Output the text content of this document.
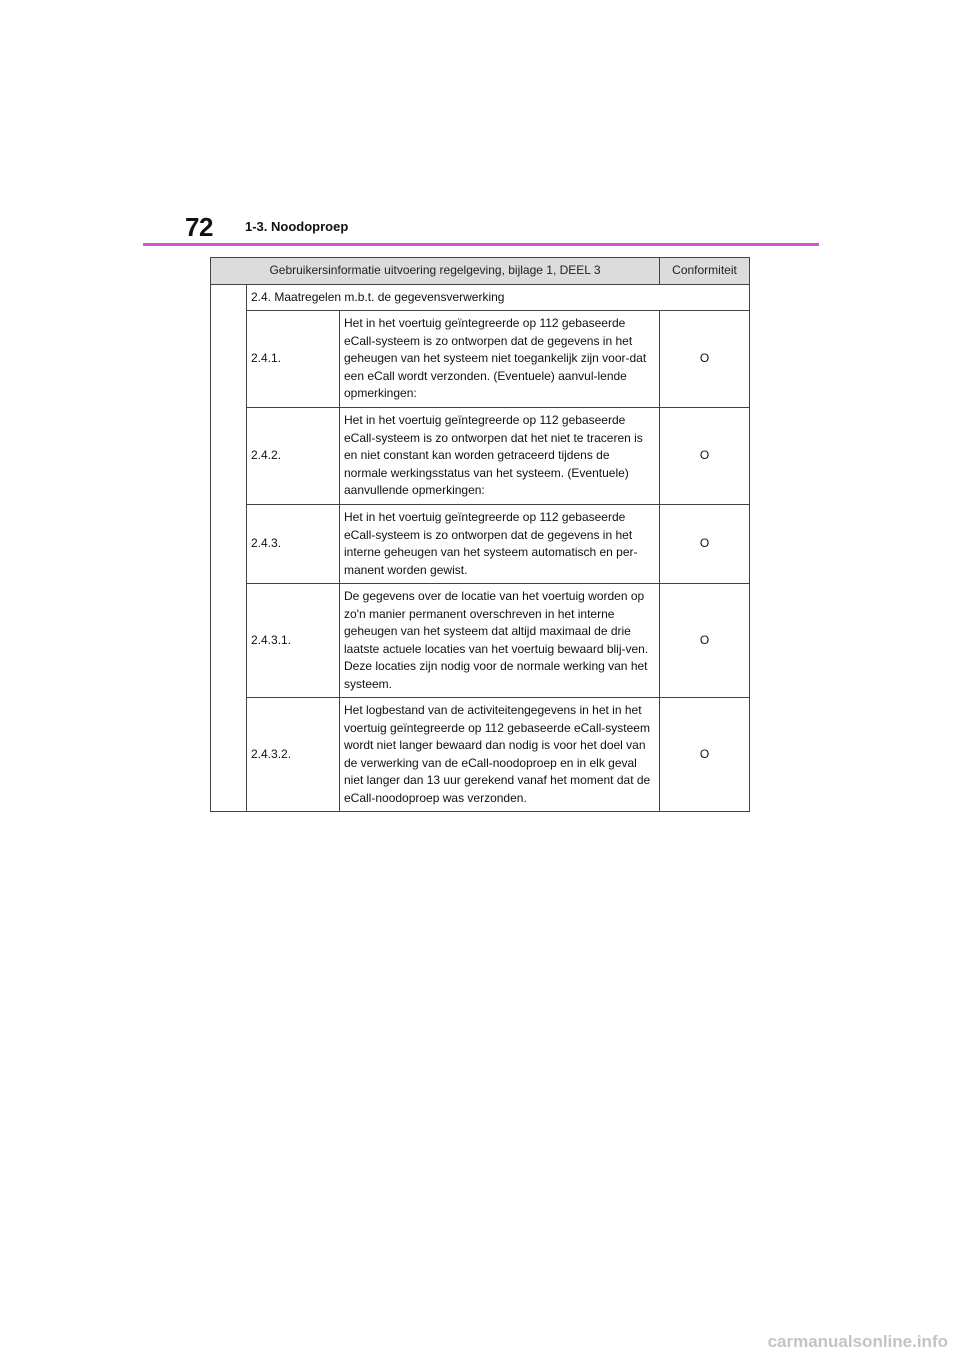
72 1-3. Noodoproep
Gebruikersinformatie uitvoering regelgeving, bijlage 1, DEEL 3			Conformiteit
	2.4. Maatregelen m.b.t. de gegevensverwerking		
	2.4.1.	Het in het voertuig geïntegreerde op 112 gebaseerde eCall-systeem is zo ontworpen dat de gegevens in het geheugen van het systeem niet toegankelijk zijn voor-dat een eCall wordt verzonden. (Eventuele) aanvul-lende opmerkingen:	O
	2.4.2.	Het in het voertuig geïntegreerde op 112 gebaseerde eCall-systeem is zo ontworpen dat het niet te traceren is en niet constant kan worden getraceerd tijdens de normale werkingsstatus van het systeem. (Eventuele) aanvullende opmerkingen:	O
	2.4.3.	Het in het voertuig geïntegreerde op 112 gebaseerde eCall-systeem is zo ontworpen dat de gegevens in het interne geheugen van het systeem automatisch en per-manent worden gewist.	O
	2.4.3.1.	De gegevens over de locatie van het voertuig worden op zo'n manier permanent overschreven in het interne geheugen van het systeem dat altijd maximaal de drie laatste actuele locaties van het voertuig bewaard blij-ven. Deze locaties zijn nodig voor de normale werking van het systeem.	O
	2.4.3.2.	Het logbestand van de activiteitengegevens in het in het voertuig geïntegreerde op 112 gebaseerde eCall-systeem wordt niet langer bewaard dan nodig is voor het doel van de verwerking van de eCall-noodoproep en in elk geval niet langer dan 13 uur gerekend vanaf het moment dat de eCall-noodoproep was verzonden.	O
carmanualsonline.info
